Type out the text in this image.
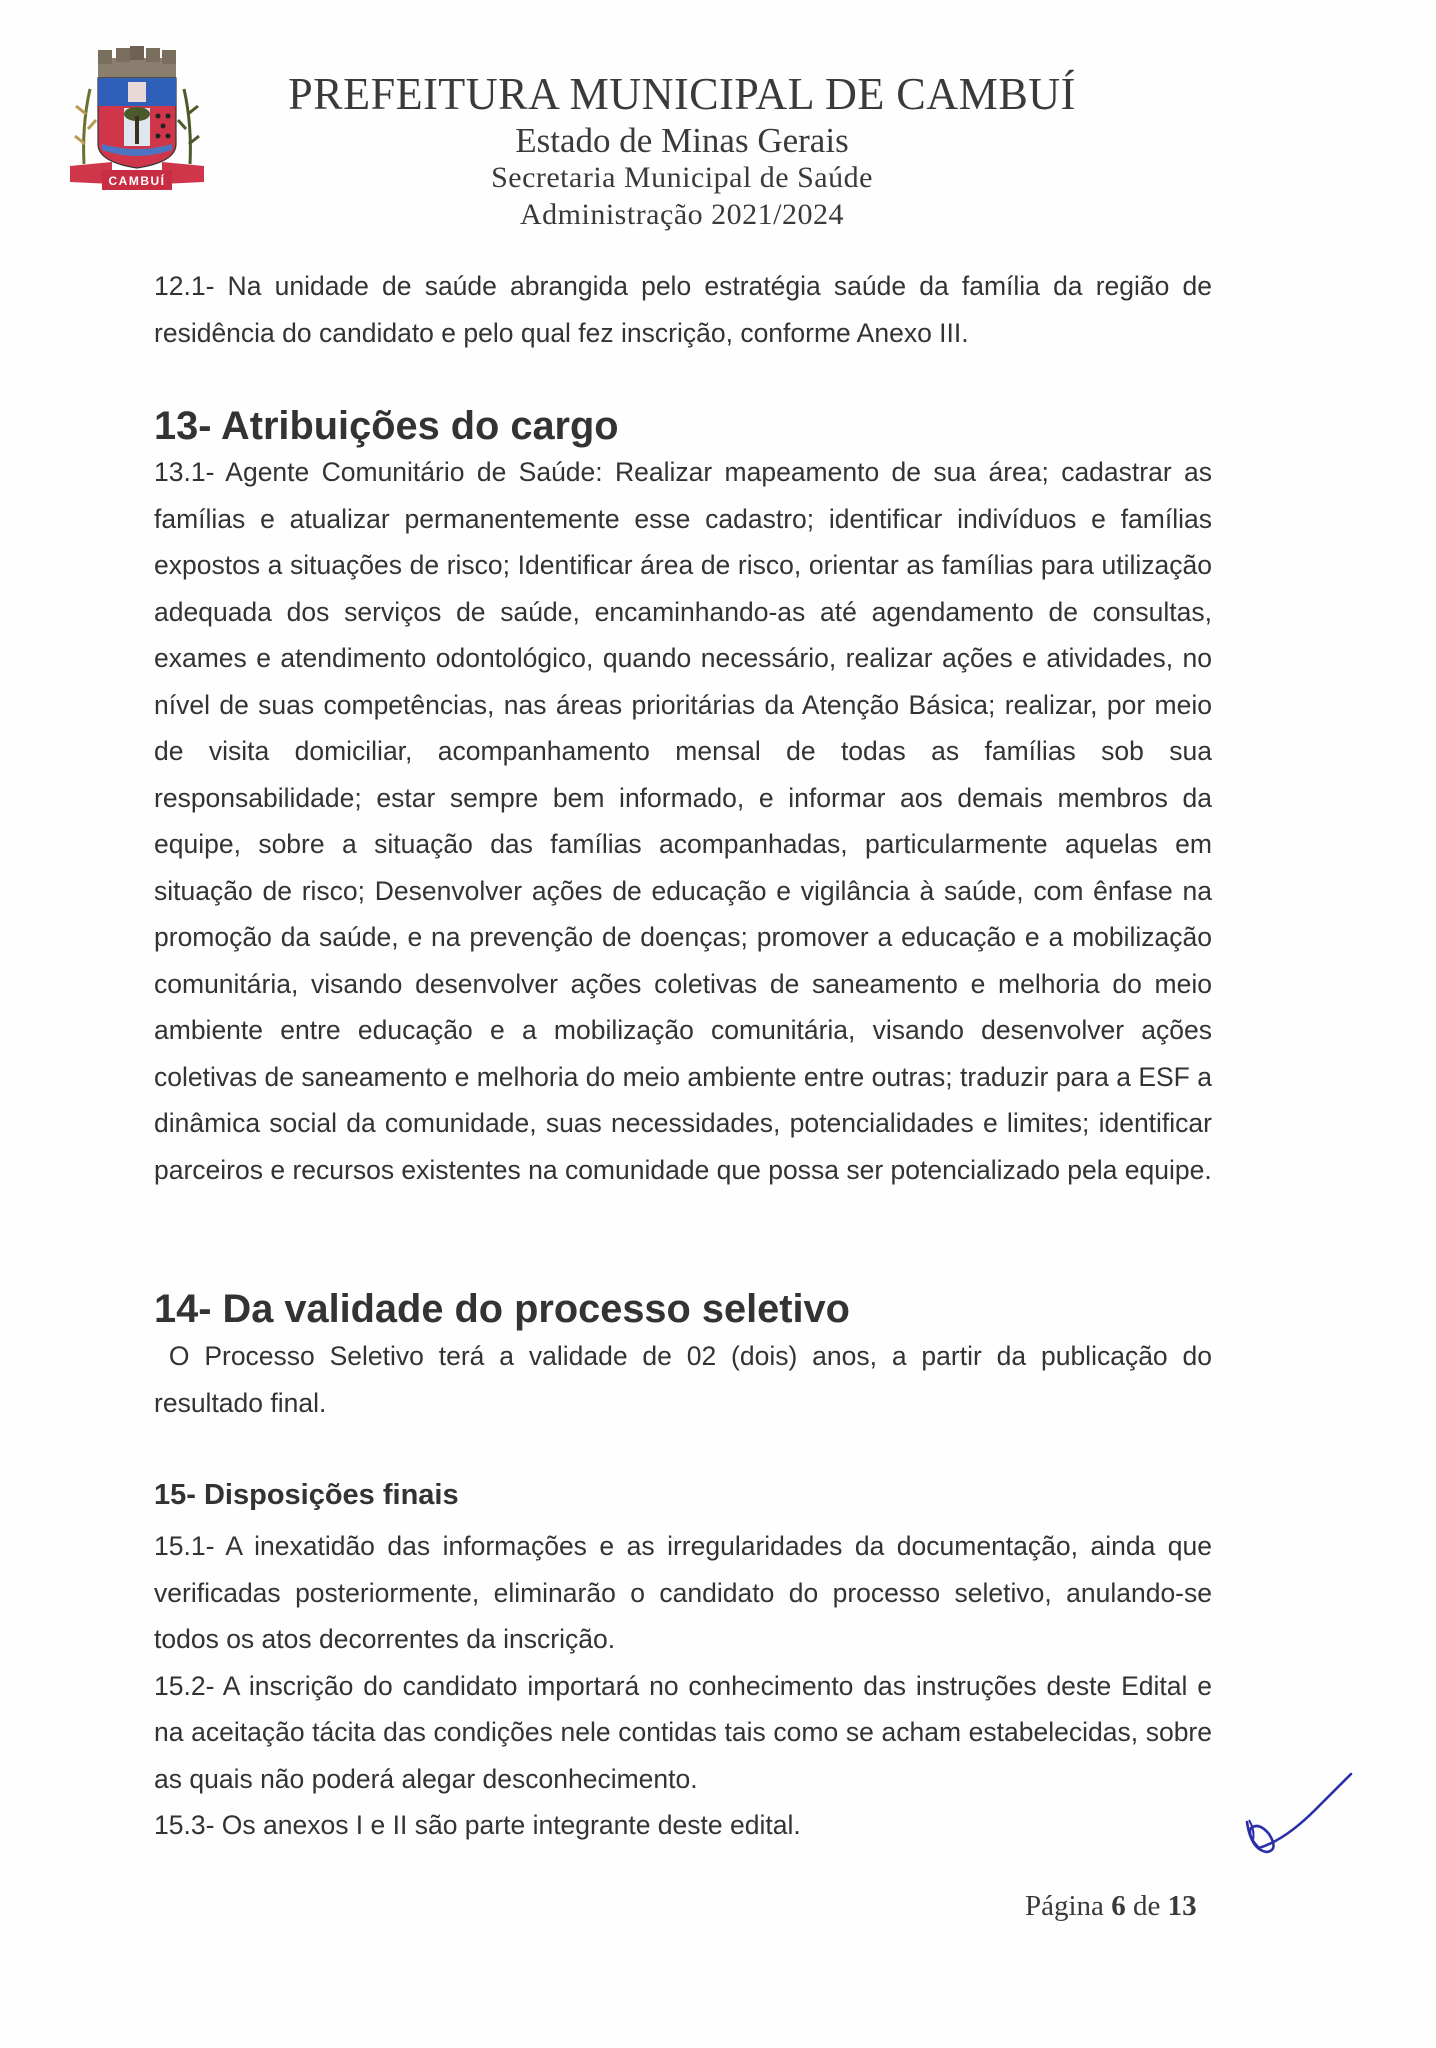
CAMBUÍ
PREFEITURA MUNICIPAL DE CAMBUÍ
Estado de Minas Gerais
Secretaria Municipal de Saúde
Administração 2021/2024

12.1- Na unidade de saúde abrangida pelo estratégia saúde da família da região de residência do candidato e pelo qual fez inscrição, conforme Anexo III.

13- Atribuições do cargo

13.1- Agente Comunitário de Saúde: Realizar mapeamento de sua área; cadastrar as famílias e atualizar permanentemente esse cadastro; identificar indivíduos e famílias expostos a situações de risco; Identificar área de risco, orientar as famílias para utilização adequada dos serviços de saúde, encaminhando-as até agendamento de consultas, exames e atendimento odontológico, quando necessário, realizar ações e atividades, no nível de suas competências, nas áreas prioritárias da Atenção Básica; realizar, por meio de visita domiciliar, acompanhamento mensal de todas as famílias sob sua responsabilidade; estar sempre bem informado, e informar aos demais membros da equipe, sobre a situação das famílias acompanhadas, particularmente aquelas em situação de risco; Desenvolver ações de educação e vigilância à saúde, com ênfase na promoção da saúde, e na prevenção de doenças; promover a educação e a mobilização comunitária, visando desenvolver ações coletivas de saneamento e melhoria do meio ambiente entre educação e a mobilização comunitária, visando desenvolver ações coletivas de saneamento e melhoria do meio ambiente entre outras; traduzir para a ESF a dinâmica social da comunidade, suas necessidades, potencialidades e limites; identificar parceiros e recursos existentes na comunidade que possa ser potencializado pela equipe.

14- Da validade do processo seletivo

O Processo Seletivo terá a validade de 02 (dois) anos, a partir da publicação do resultado final.

15- Disposições finais

15.1- A inexatidão das informações e as irregularidades da documentação, ainda que verificadas posteriormente, eliminarão o candidato do processo seletivo, anulando-se todos os atos decorrentes da inscrição.

15.2- A inscrição do candidato importará no conhecimento das instruções deste Edital e na aceitação tácita das condições nele contidas tais como se acham estabelecidas, sobre as quais não poderá alegar desconhecimento.

15.3- Os anexos I e II são parte integrante deste edital.

Página 6 de 13
